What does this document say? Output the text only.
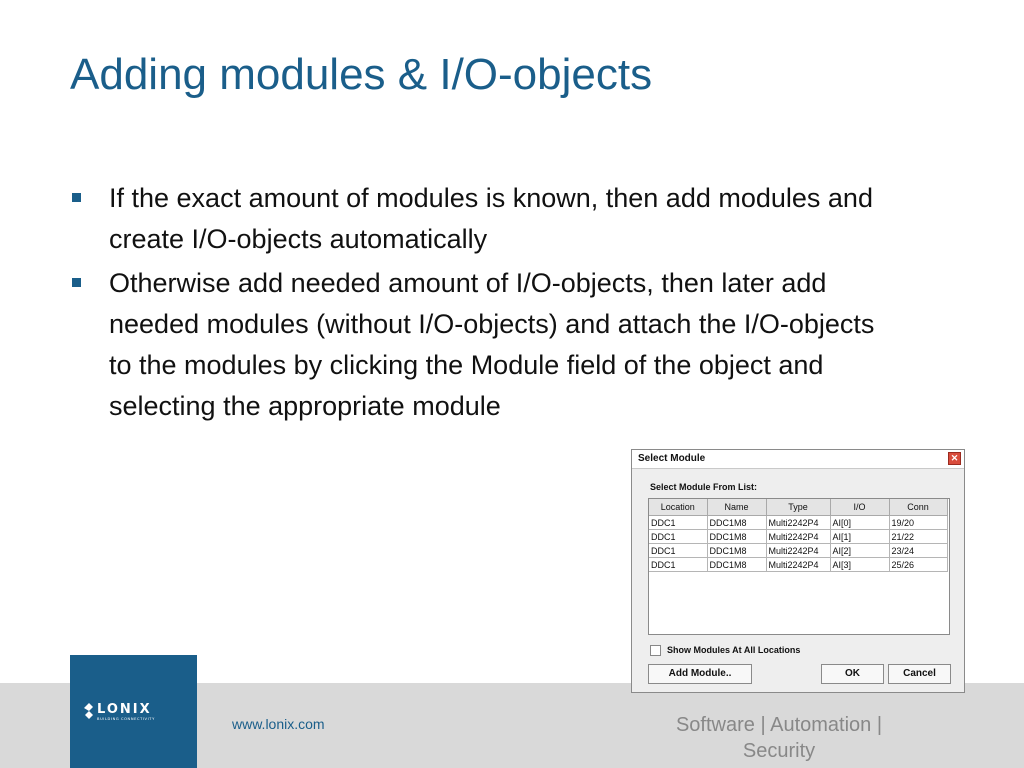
Adding modules & I/O-objects
If the exact amount of modules is known, then add modules and create I/O-objects automatically
Otherwise add needed amount of I/O-objects, then later add needed modules (without I/O-objects) and attach the I/O-objects to the modules by clicking the Module field of the object and selecting the appropriate module
LONIX
BUILDING CONNECTIVITY	www.lonix.com	Software | Automation | Security
Select Module	✕
Select Module From List:
Location	Name	Type	I/O	Conn
DDC1	DDC1M8	Multi2242P4	AI[0]	19/20
DDC1	DDC1M8	Multi2242P4	AI[1]	21/22
DDC1	DDC1M8	Multi2242P4	AI[2]	23/24
DDC1	DDC1M8	Multi2242P4	AI[3]	25/26
Show Modules At All Locations
Add Module..	OK	Cancel
